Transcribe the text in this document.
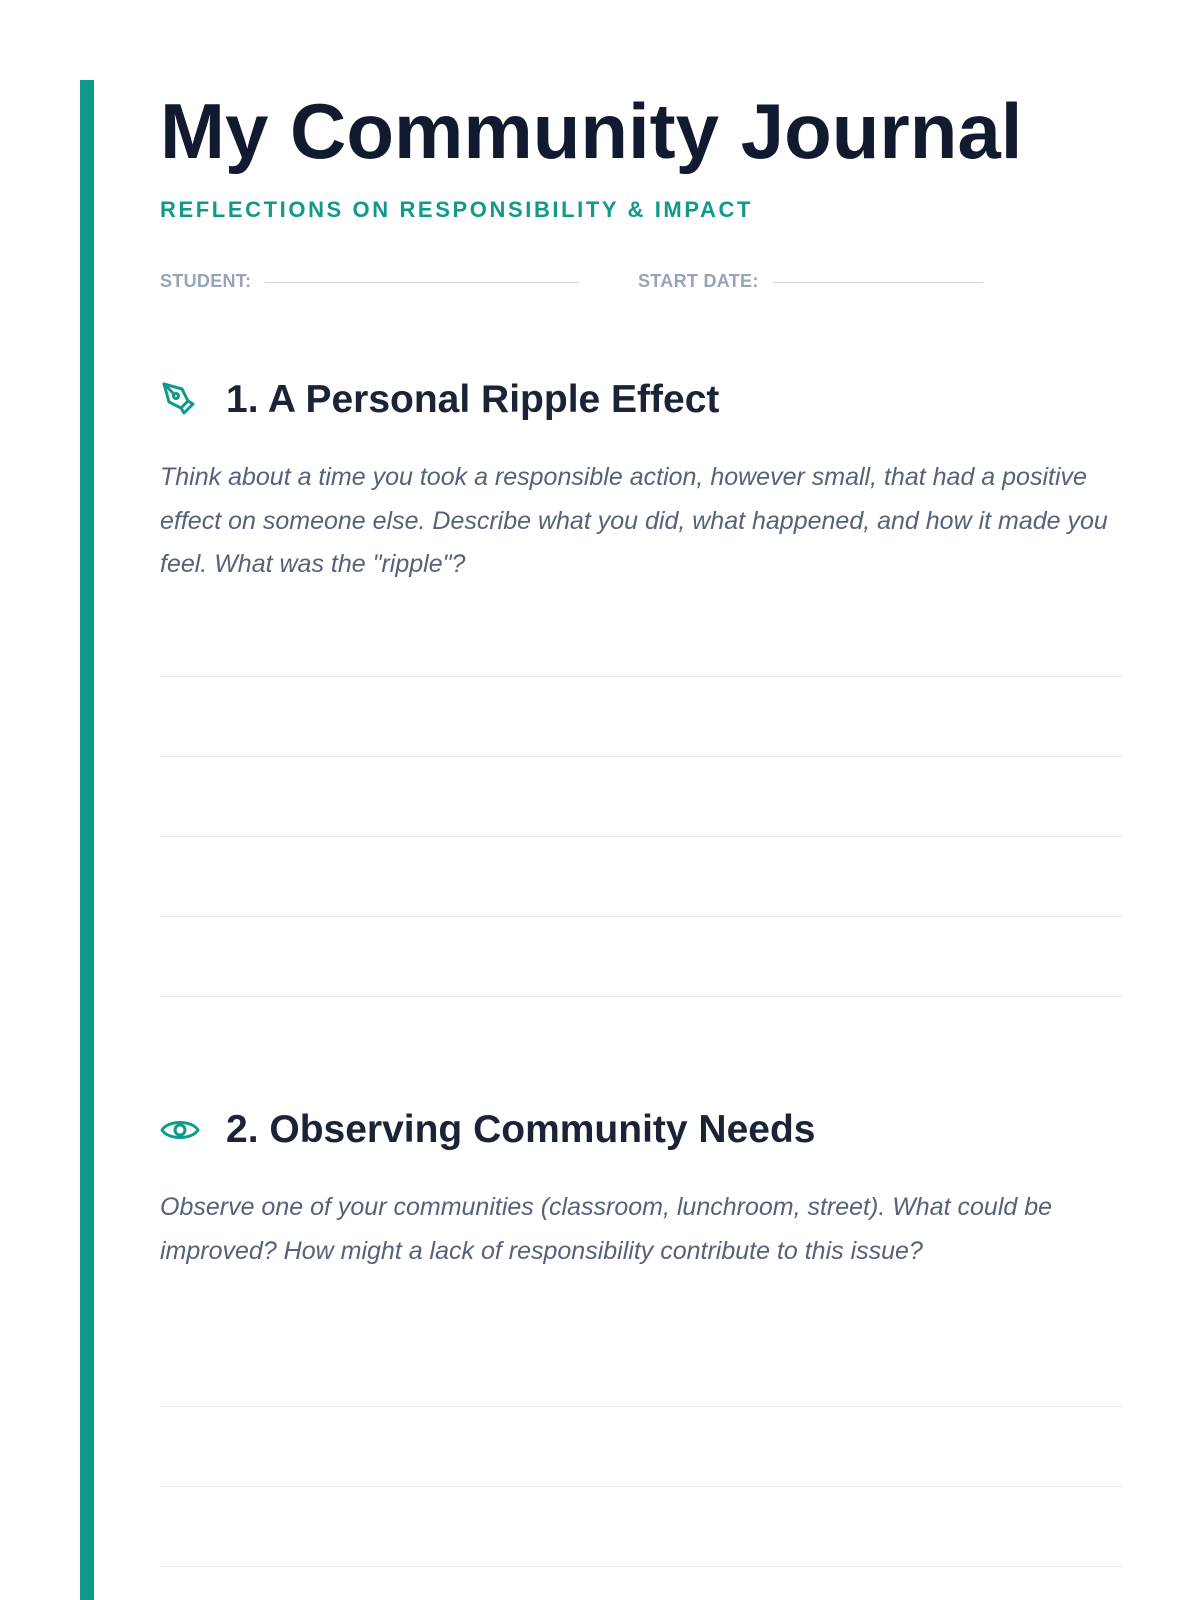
My Community Journal
REFLECTIONS ON RESPONSIBILITY & IMPACT
STUDENT:	START DATE:
1. A Personal Ripple Effect

Think about a time you took a responsible action, however small, that had a positive effect on someone else. Describe what you did, what happened, and how it made you feel. What was the "ripple"?

2. Observing Community Needs

Observe one of your communities (classroom, lunchroom, street). What could be improved? How might a lack of responsibility contribute to this issue?
